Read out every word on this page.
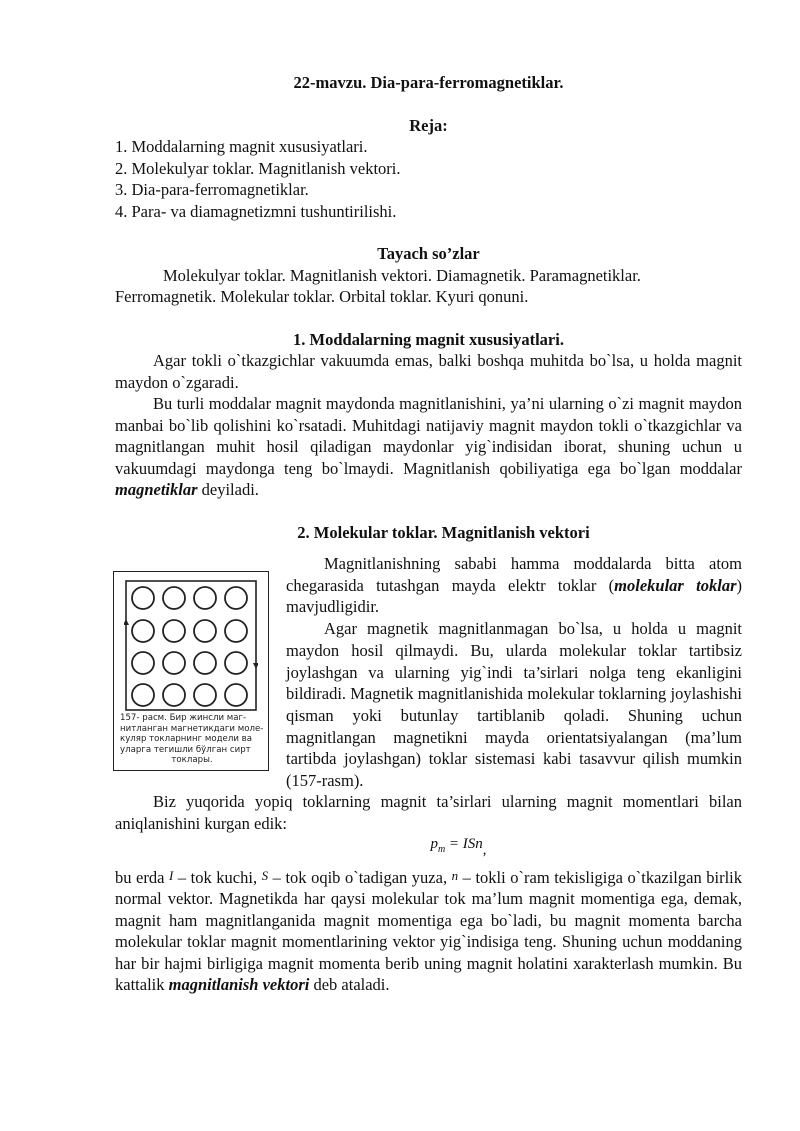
22-mavzu. Dia-para-ferromagnetiklar.

Reja:

1. Moddalarning magnit xususiyatlari.

2. Molekulyar toklar. Magnitlanish vektori.

3. Dia-para-ferromagnetiklar.

4. Para- va diamagnetizmni tushuntirilishi.

Tayach so’zlar

Molekulyar toklar. Magnitlanish vektori. Diamagnetik. Paramagnetiklar. Ferromagnetik. Molekular toklar. Orbital toklar. Kyuri qonuni.

1. Moddalarning magnit xususiyatlari.

Agar tokli o`tkazgichlar vakuumda emas, balki boshqa muhitda bo`lsa, u holda magnit maydon o`zgaradi.

Bu turli moddalar magnit maydonda magnitlanishini, ya’ni ularning o`zi magnit maydon manbai bo`lib qolishini ko`rsatadi. Muhitdagi natijaviy magnit maydon tokli o`tkazgichlar va magnitlangan muhit hosil qiladigan maydonlar yig`indisidan iborat, shuning uchun u vakuumdagi maydonga teng bo`lmaydi. Magnitlanish qobiliyatiga ega bo`lgan moddalar magnetiklar deyiladi.

2. Molekular toklar. Magnitlanish vektori

157- расм. Бир жинсли маг-
нитланган магнетикдаги моле-
куляр токларнинг модели ва
уларга тегишли бўлган сирт
токлары.

Magnitlanishning sababi hamma moddalarda bitta atom chegarasida tutashgan mayda elektr toklar (molekular toklar) mavjudligidir.

Agar magnetik magnitlanmagan bo`lsa, u holda u magnit maydon hosil qilmaydi. Bu, ularda molekular toklar tartibsiz joylashgan va ularning yig`indi ta’sirlari nolga teng ekanligini bildiradi. Magnetik magnitlanishida molekular toklarning joylashishi qisman yoki butunlay tartiblanib qoladi. Shuning uchun magnitlangan magnetikni mayda orientatsiyalangan (ma’lum tartibda joylashgan) toklar sistemasi kabi tasavvur qilish mumkin (157-rasm).

Biz yuqorida yopiq toklarning magnit ta’sirlari ularning magnit momentlari bilan aniqlanishini kurgan edik:

$p_m$ = ISn,

bu erda I – tok kuchi, S – tok oqib o`tadigan yuza, n – tokli o`ram tekisligiga o`tkazilgan birlik normal vektor. Magnetikda har qaysi molekular tok ma’lum magnit momentiga ega, demak, magnit ham magnitlanganida magnit momentiga ega bo`ladi, bu magnit momenta barcha molekular toklar magnit momentlarining vektor yig`indisiga teng. Shuning uchun moddaning har bir hajmi birligiga magnit momenta berib uning magnit holatini xarakterlash mumkin. Bu kattalik magnitlanish vektori deb ataladi.
